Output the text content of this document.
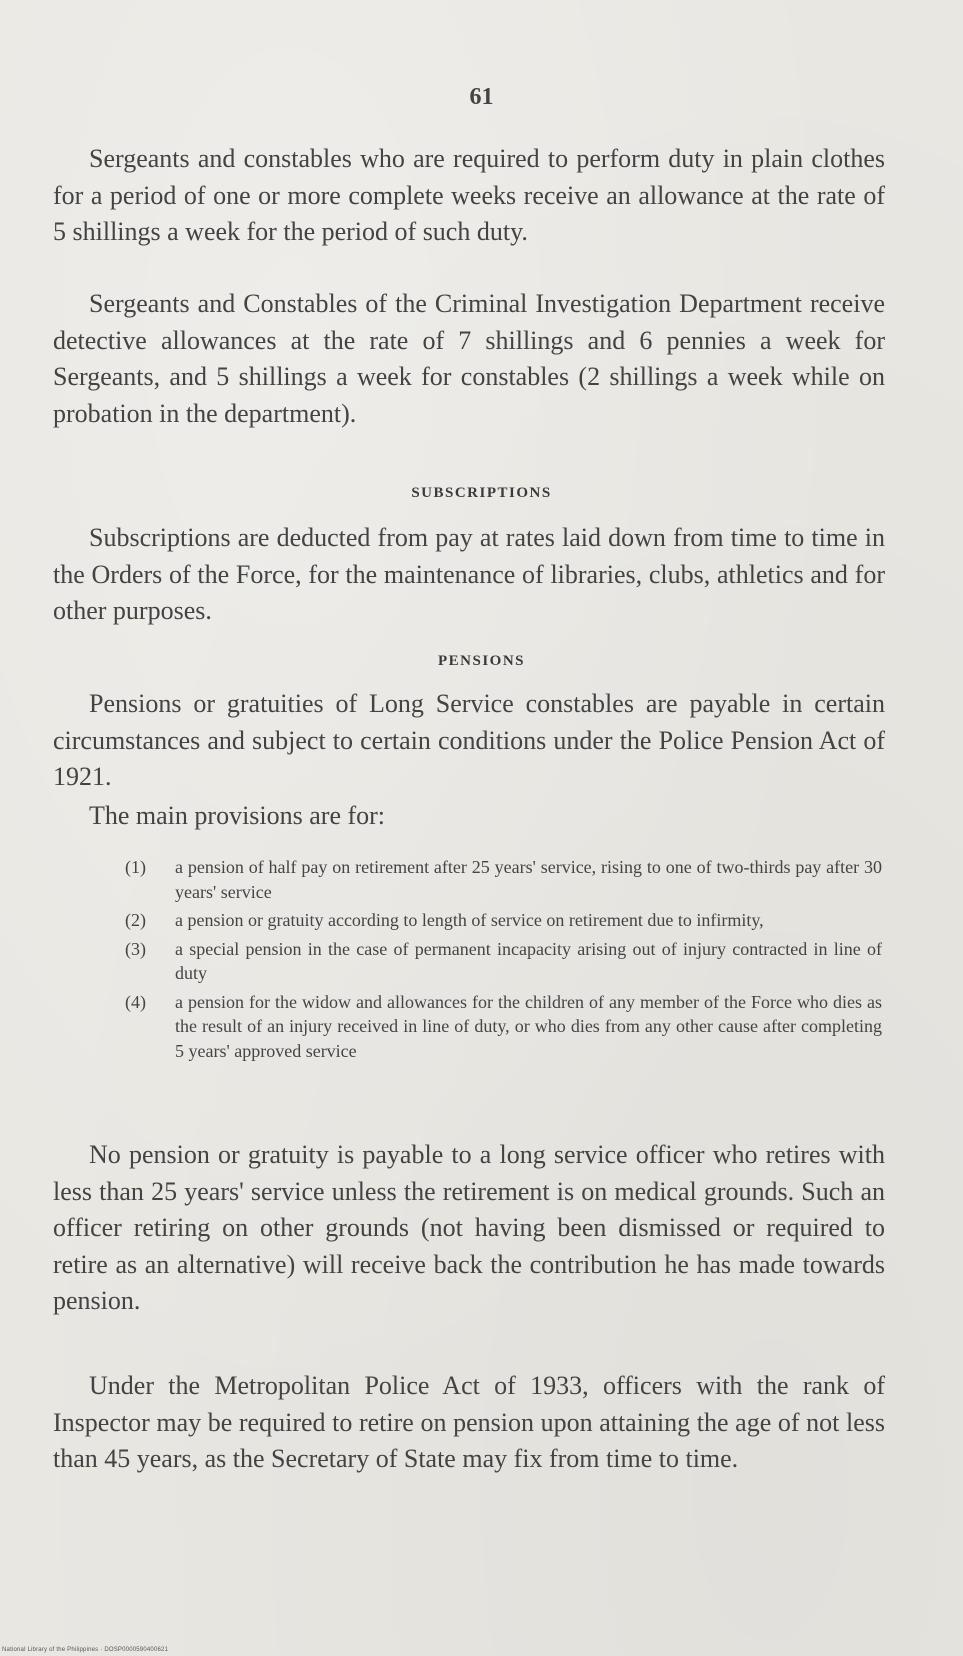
61

Sergeants and constables who are required to perform duty in plain clothes for a period of one or more complete weeks receive an allowance at the rate of 5 shillings a week for the period of such duty.

Sergeants and Constables of the Criminal Investigation Department receive detective allowances at the rate of 7 shillings and 6 pennies a week for Sergeants, and 5 shillings a week for constables (2 shillings a week while on probation in the department).

SUBSCRIPTIONS

Subscriptions are deducted from pay at rates laid down from time to time in the Orders of the Force, for the maintenance of libraries, clubs, athletics and for other purposes.

PENSIONS

Pensions or gratuities of Long Service constables are payable in certain circumstances and subject to certain conditions under the Police Pension Act of 1921.

The main provisions are for:

(1)	a pension of half pay on retirement after 25 years' service, rising to one of two-thirds pay after 30 years' service
(2)	a pension or gratuity according to length of service on retirement due to infirmity,
(3)	a special pension in the case of permanent incapacity arising out of injury contracted in line of duty
(4)	a pension for the widow and allowances for the children of any member of the Force who dies as the result of an injury received in line of duty, or who dies from any other cause after completing 5 years' approved service

No pension or gratuity is payable to a long service officer who retires with less than 25 years' service unless the retirement is on medical grounds. Such an officer retiring on other grounds (not having been dismissed or required to retire as an alternative) will receive back the contribution he has made towards pension.

Under the Metropolitan Police Act of 1933, officers with the rank of Inspector may be required to retire on pension upon attaining the age of not less than 45 years, as the Secretary of State may fix from time to time.

National Library of the Philippines · DOSP0000590400621
